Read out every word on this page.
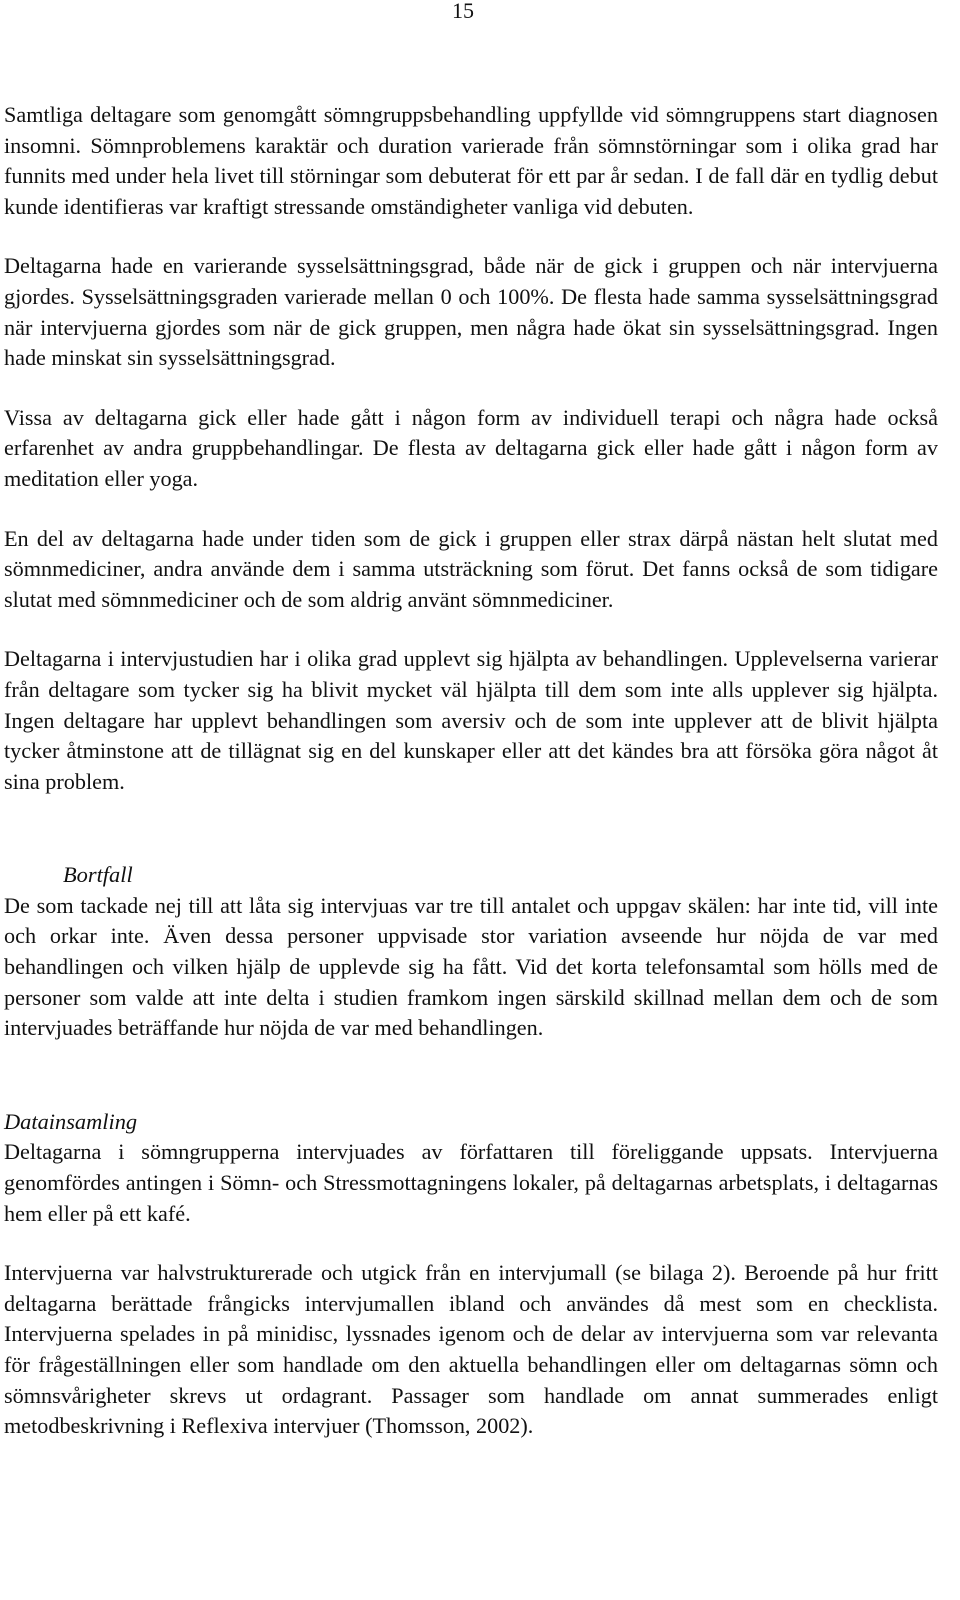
15

Samtliga deltagare som genomgått sömngruppsbehandling uppfyllde vid sömngruppens start diagnosen insomni. Sömnproblemens karaktär och duration varierade från sömnstörningar som i olika grad har funnits med under hela livet till störningar som debuterat för ett par år sedan. I de fall där en tydlig debut kunde identifieras var kraftigt stressande omständigheter vanliga vid debuten.

Deltagarna hade en varierande sysselsättningsgrad, både när de gick i gruppen och när intervjuerna gjordes. Sysselsättningsgraden varierade mellan 0 och 100%. De flesta hade samma sysselsättningsgrad när intervjuerna gjordes som när de gick gruppen, men några hade ökat sin sysselsättningsgrad. Ingen hade minskat sin sysselsättningsgrad.

Vissa av deltagarna gick eller hade gått i någon form av individuell terapi och några hade också erfarenhet av andra gruppbehandlingar. De flesta av deltagarna gick eller hade gått i någon form av meditation eller yoga.

En del av deltagarna hade under tiden som de gick i gruppen eller strax därpå nästan helt slutat med sömnmediciner, andra använde dem i samma utsträckning som förut. Det fanns också de som tidigare slutat med sömnmediciner och de som aldrig använt sömnmediciner.

Deltagarna i intervjustudien har i olika grad upplevt sig hjälpta av behandlingen. Upplevelserna varierar från deltagare som tycker sig ha blivit mycket väl hjälpta till dem som inte alls upplever sig hjälpta. Ingen deltagare har upplevt behandlingen som aversiv och de som inte upplever att de blivit hjälpta tycker åtminstone att de tillägnat sig en del kunskaper eller att det kändes bra att försöka göra något åt sina problem.

Bortfall

De som tackade nej till att låta sig intervjuas var tre till antalet och uppgav skälen: har inte tid, vill inte och orkar inte. Även dessa personer uppvisade stor variation avseende hur nöjda de var med behandlingen och vilken hjälp de upplevde sig ha fått. Vid det korta telefonsamtal som hölls med de personer som valde att inte delta i studien framkom ingen särskild skillnad mellan dem och de som intervjuades beträffande hur nöjda de var med behandlingen.

Datainsamling

Deltagarna i sömngrupperna intervjuades av författaren till föreliggande uppsats. Intervjuerna genomfördes antingen i Sömn- och Stressmottagningens lokaler, på deltagarnas arbetsplats, i deltagarnas hem eller på ett kafé.

Intervjuerna var halvstrukturerade och utgick från en intervjumall (se bilaga 2). Beroende på hur fritt deltagarna berättade frångicks intervjumallen ibland och användes då mest som en checklista. Intervjuerna spelades in på minidisc, lyssnades igenom och de delar av intervjuerna som var relevanta för frågeställningen eller som handlade om den aktuella behandlingen eller om deltagarnas sömn och sömnsvårigheter skrevs ut ordagrant. Passager som handlade om annat summerades enligt metodbeskrivning i Reflexiva intervjuer (Thomsson, 2002).
